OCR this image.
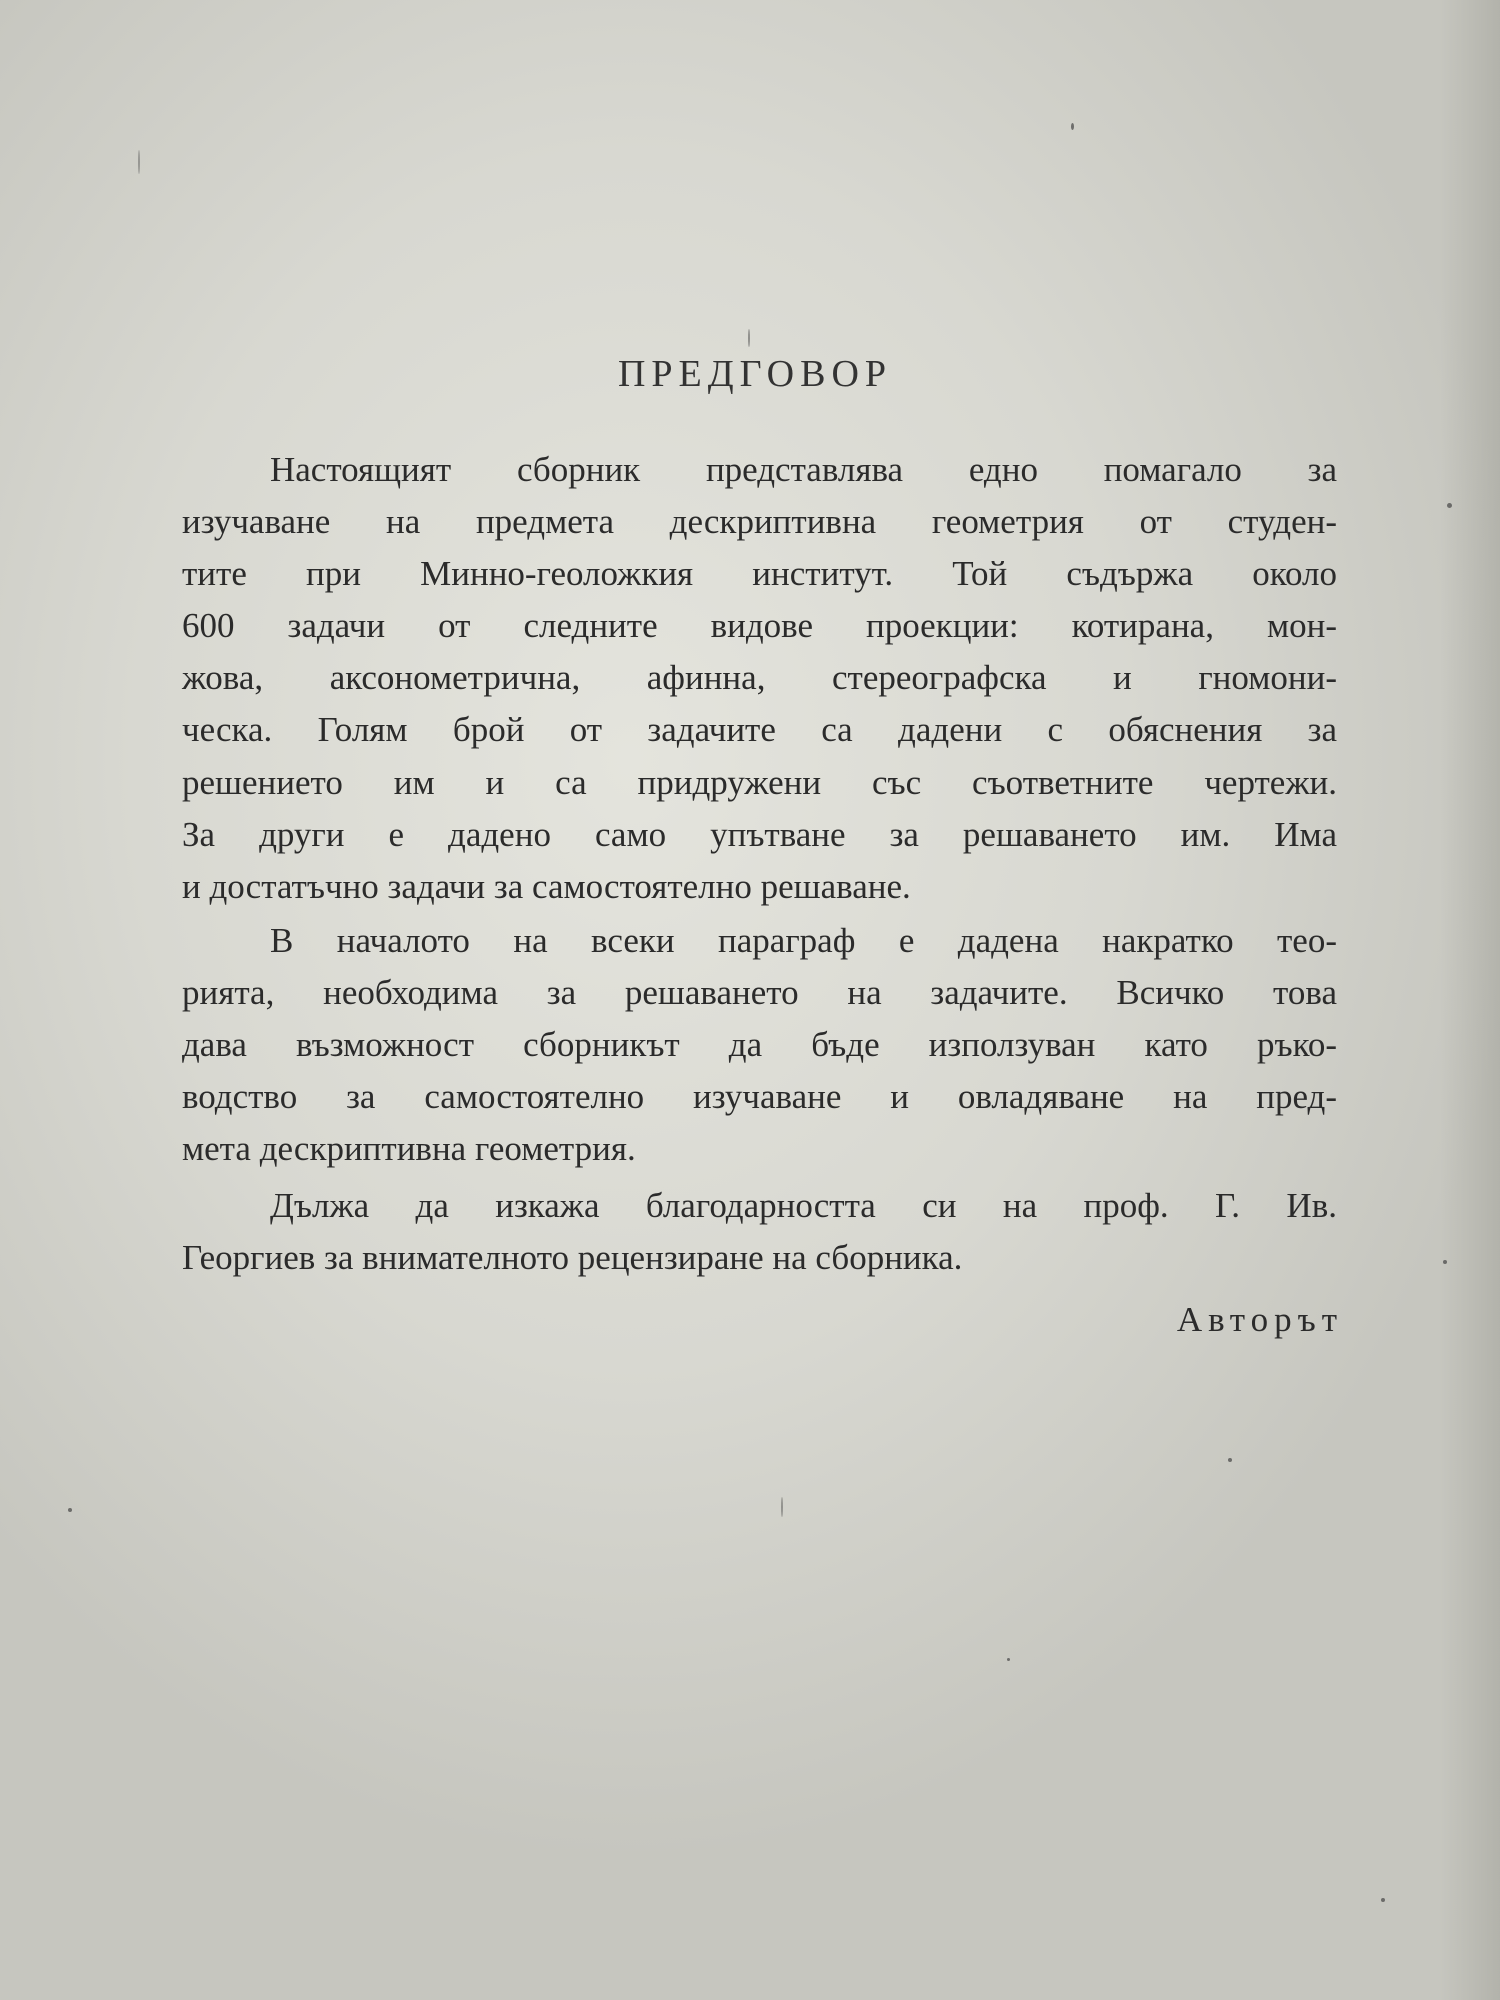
ПРЕДГОВОР
Настоящият сборник представлява едно помагало за
изучаване на предмета дескриптивна геометрия от студен-
тите при Минно-геоложкия институт. Той съдържа около
600 задачи от следните видове проекции: котирана, мон-
жова, аксонометрична, афинна, стереографска и гномони-
ческа. Голям брой от задачите са дадени с обяснения за
решението им и са придружени със съответните чертежи.
За други е дадено само упътване за решаването им. Има
и достатъчно задачи за самостоятелно решаване.
В началото на всеки параграф е дадена накратко тео-
рията, необходима за решаването на задачите. Всичко това
дава възможност сборникът да бъде използуван като ръко-
водство за самостоятелно изучаване и овладяване на пред-
мета дескриптивна геометрия.
Дължа да изкажа благодарността си на проф. Г. Ив.
Георгиев за внимателното рецензиране на сборника.
Авторът
